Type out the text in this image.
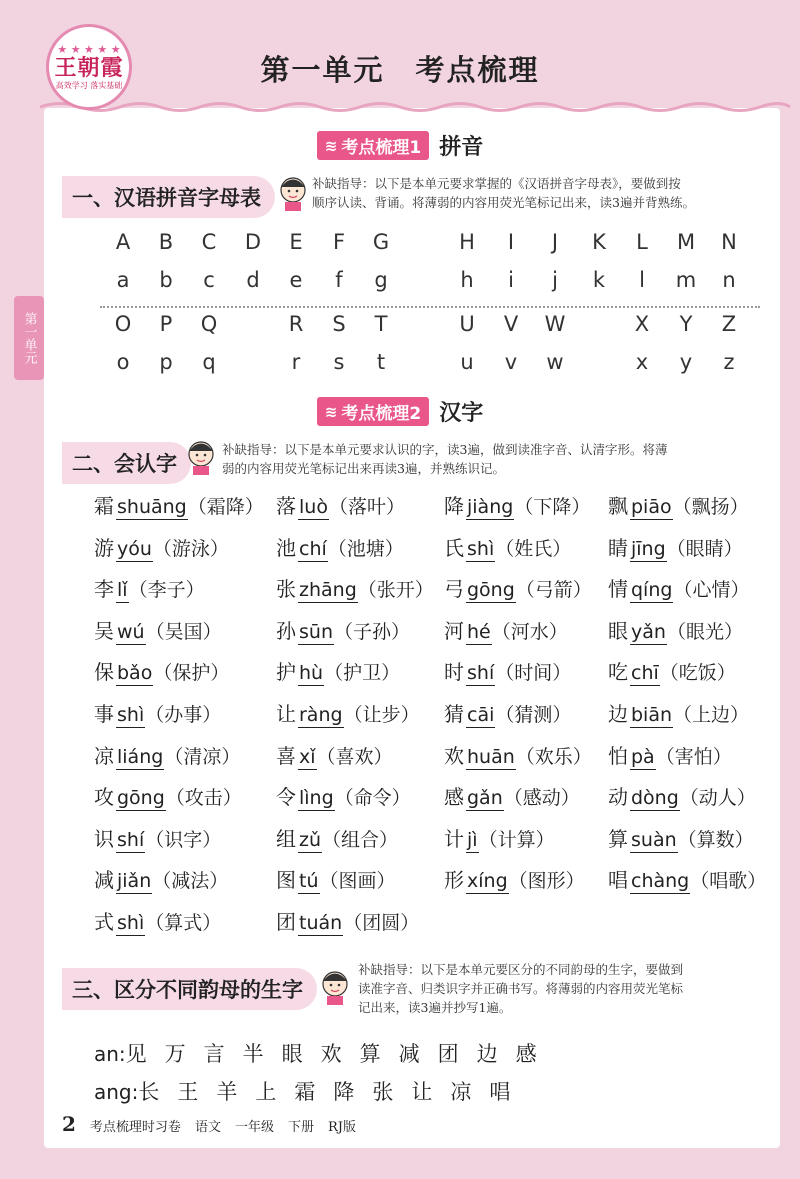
★ ★ ★ ★ ★
王朝霞
高效学习 落实基础	第一单元　考点梳理
第一单元
≋ 考点梳理1 拼音
一、汉语拼音字母表
补缺指导：以下是本单元要求掌握的《汉语拼音字母表》，要做到按
顺序认读、背诵。将薄弱的内容用荧光笔标记出来，读3遍并背熟练。
A	B	C	D	E	F	G	H	I	J	K	L	M	N
a	b	c	d	e	f	g	h	i	j	k	l	m	n
O	P	Q	R	S	T	U	V	W	X	Y	Z
o	p	q	r	s	t	u	v	w	x	y	z
≋ 考点梳理2 汉字
二、会认字
补缺指导：以下是本单元要求认识的字，读3遍，做到读准字音、认清字形。将薄
弱的内容用荧光笔标记出来再读3遍，并熟练识记。
霜 shuāng （霜降） 落 luò （落叶） 降 jiàng （下降） 飘 piāo （飘扬）
游 yóu （游泳） 池 chí （池塘） 氏 shì （姓氏） 睛 jīng （眼睛）
李 lǐ （李子）	张 zhāng （张开） 弓 gōng （弓箭） 情 qíng （心情）
吴 wú （吴国）	孙 sūn （子孙） 河 hé （河水） 眼 yǎn （眼光）
保 bǎo （保护） 护 hù （护卫） 时 shí （时间） 吃 chī （吃饭）
事 shì （办事）	让 ràng （让步） 猜 cāi （猜测） 边 biān （上边）
凉 liáng （清凉） 喜 xǐ （喜欢）	欢 huān （欢乐） 怕 pà （害怕）
攻 gōng （攻击） 令 lìng （命令） 感 gǎn （感动） 动 dòng （动人）
识 shí （识字）	组 zǔ （组合） 计 jì （计算）	算 suàn （算数）
减 jiǎn （减法） 图 tú （图画） 形 xíng （图形） 唱 chàng （唱歌）
式 shì （算式）	团 tuán （团圆）
三、区分不同韵母的生字
补缺指导：以下是本单元要区分的不同韵母的生字，要做到
读准字音、归类识字并正确书写。将薄弱的内容用荧光笔标
记出来，读3遍并抄写1遍。
an:见万言半眼欢算减团边感
ang:长王羊上霜降张让凉唱
2 考点梳理时习卷 语文 一年级 下册 RJ版
